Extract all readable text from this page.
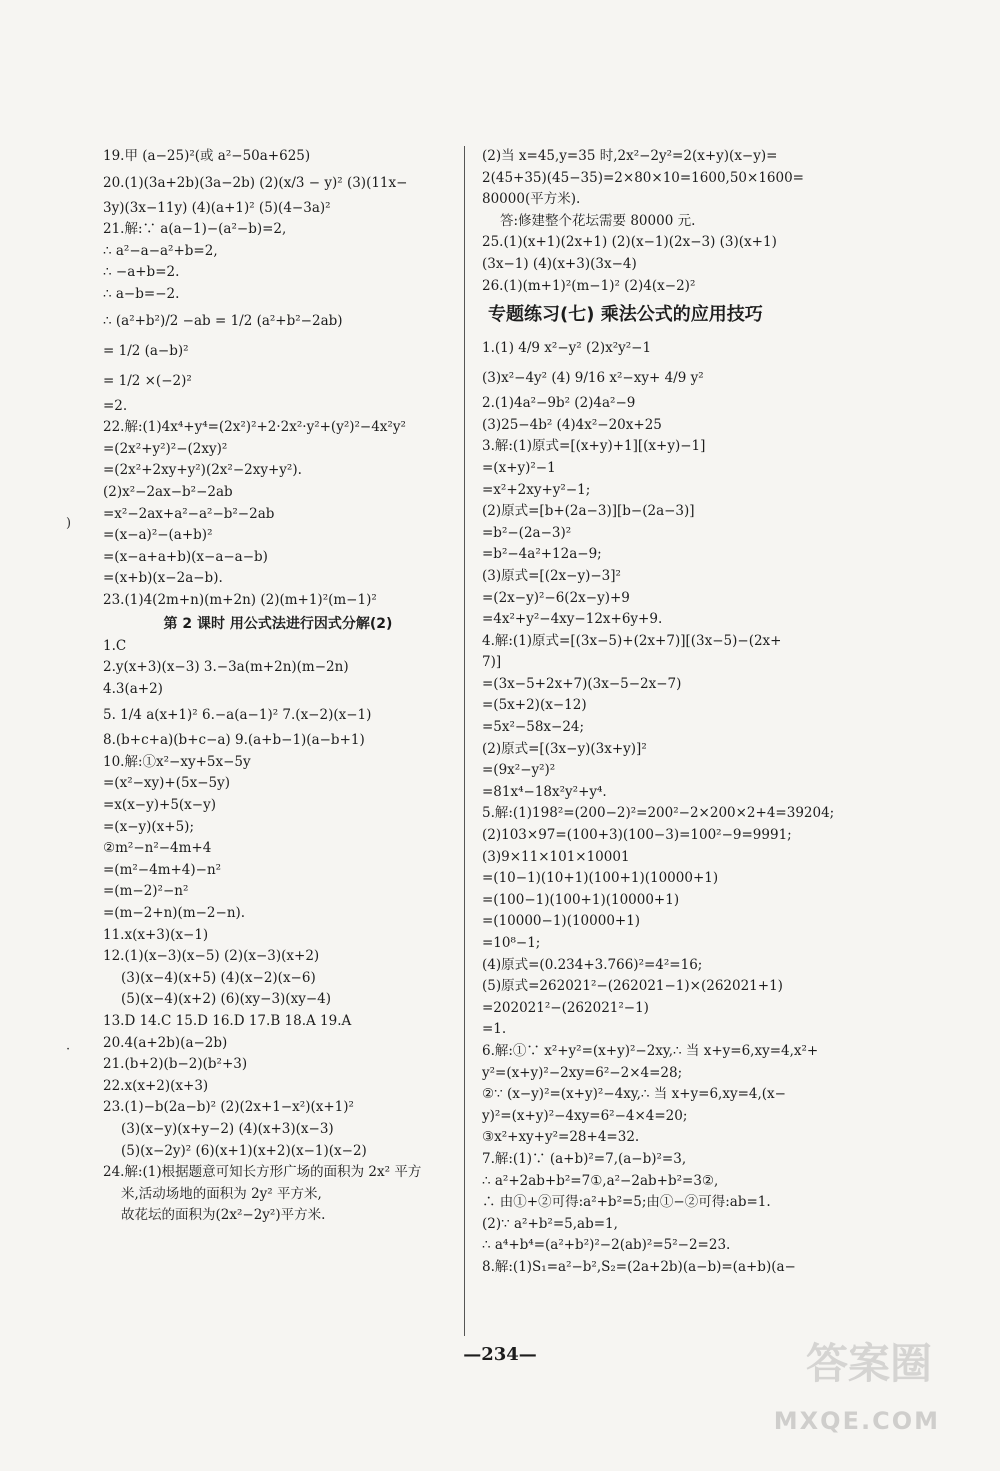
19.甲 (a−25)²(或 a²−50a+625)
20.(1)(3a+2b)(3a−2b) (2)(x/3 − y)² (3)(11x−
3y)(3x−11y) (4)(a+1)² (5)(4−3a)²
21.解:∵ a(a−1)−(a²−b)=2,
∴ a²−a−a²+b=2,
∴ −a+b=2.
∴ a−b=−2.
∴ (a²+b²)/2 −ab = 1/2 (a²+b²−2ab)
= 1/2 (a−b)²
= 1/2 ×(−2)²
=2.
22.解:(1)4x⁴+y⁴=(2x²)²+2·2x²·y²+(y²)²−4x²y²
=(2x²+y²)²−(2xy)²
=(2x²+2xy+y²)(2x²−2xy+y²).
(2)x²−2ax−b²−2ab
=x²−2ax+a²−a²−b²−2ab
=(x−a)²−(a+b)²
=(x−a+a+b)(x−a−a−b)
=(x+b)(x−2a−b).
23.(1)4(2m+n)(m+2n) (2)(m+1)²(m−1)²
第 2 课时 用公式法进行因式分解(2)
1.C
2.y(x+3)(x−3) 3.−3a(m+2n)(m−2n)
4.3(a+2)
5. 1/4 a(x+1)² 6.−a(a−1)² 7.(x−2)(x−1)
8.(b+c+a)(b+c−a) 9.(a+b−1)(a−b+1)
10.解:①x²−xy+5x−5y
=(x²−xy)+(5x−5y)
=x(x−y)+5(x−y)
=(x−y)(x+5);
②m²−n²−4m+4
=(m²−4m+4)−n²
=(m−2)²−n²
=(m−2+n)(m−2−n).
11.x(x+3)(x−1)
12.(1)(x−3)(x−5) (2)(x−3)(x+2)
(3)(x−4)(x+5) (4)(x−2)(x−6)
(5)(x−4)(x+2) (6)(xy−3)(xy−4)
13.D 14.C 15.D 16.D 17.B 18.A 19.A
20.4(a+2b)(a−2b)
21.(b+2)(b−2)(b²+3)
22.x(x+2)(x+3)
23.(1)−b(2a−b)² (2)(2x+1−x²)(x+1)²
(3)(x−y)(x+y−2) (4)(x+3)(x−3)
(5)(x−2y)² (6)(x+1)(x+2)(x−1)(x−2)
24.解:(1)根据题意可知长方形广场的面积为 2x² 平方
米,活动场地的面积为 2y² 平方米,
故花坛的面积为(2x²−2y²)平方米.
(2)当 x=45,y=35 时,2x²−2y²=2(x+y)(x−y)=
2(45+35)(45−35)=2×80×10=1600,50×1600=
80000(平方米).
答:修建整个花坛需要 80000 元.
25.(1)(x+1)(2x+1) (2)(x−1)(2x−3) (3)(x+1)
(3x−1) (4)(x+3)(3x−4)
26.(1)(m+1)²(m−1)² (2)4(x−2)²
专题练习(七) 乘法公式的应用技巧
1.(1) 4/9 x²−y² (2)x²y²−1
(3)x²−4y² (4) 9/16 x²−xy+ 4/9 y²
2.(1)4a²−9b² (2)4a²−9
(3)25−4b² (4)4x²−20x+25
3.解:(1)原式=[(x+y)+1][(x+y)−1]
=(x+y)²−1
=x²+2xy+y²−1;
(2)原式=[b+(2a−3)][b−(2a−3)]
=b²−(2a−3)²
=b²−4a²+12a−9;
(3)原式=[(2x−y)−3]²
=(2x−y)²−6(2x−y)+9
=4x²+y²−4xy−12x+6y+9.
4.解:(1)原式=[(3x−5)+(2x+7)][(3x−5)−(2x+
7)]
=(3x−5+2x+7)(3x−5−2x−7)
=(5x+2)(x−12)
=5x²−58x−24;
(2)原式=[(3x−y)(3x+y)]²
=(9x²−y²)²
=81x⁴−18x²y²+y⁴.
5.解:(1)198²=(200−2)²=200²−2×200×2+4=39204;
(2)103×97=(100+3)(100−3)=100²−9=9991;
(3)9×11×101×10001
=(10−1)(10+1)(100+1)(10000+1)
=(100−1)(100+1)(10000+1)
=(10000−1)(10000+1)
=10⁸−1;
(4)原式=(0.234+3.766)²=4²=16;
(5)原式=262021²−(262021−1)×(262021+1)
=202021²−(262021²−1)
=1.
6.解:①∵ x²+y²=(x+y)²−2xy,∴ 当 x+y=6,xy=4,x²+
y²=(x+y)²−2xy=6²−2×4=28;
②∵ (x−y)²=(x+y)²−4xy,∴ 当 x+y=6,xy=4,(x−
y)²=(x+y)²−4xy=6²−4×4=20;
③x²+xy+y²=28+4=32.
7.解:(1)∵ (a+b)²=7,(a−b)²=3,
∴ a²+2ab+b²=7①,a²−2ab+b²=3②,
∴ 由①+②可得:a²+b²=5;由①−②可得:ab=1.
(2)∵ a²+b²=5,ab=1,
∴ a⁴+b⁴=(a²+b²)²−2(ab)²=5²−2=23.
8.解:(1)S₁=a²−b²,S₂=(2a+2b)(a−b)=(a+b)(a−
—234—
)
·
答案圈
MXQE.COM
